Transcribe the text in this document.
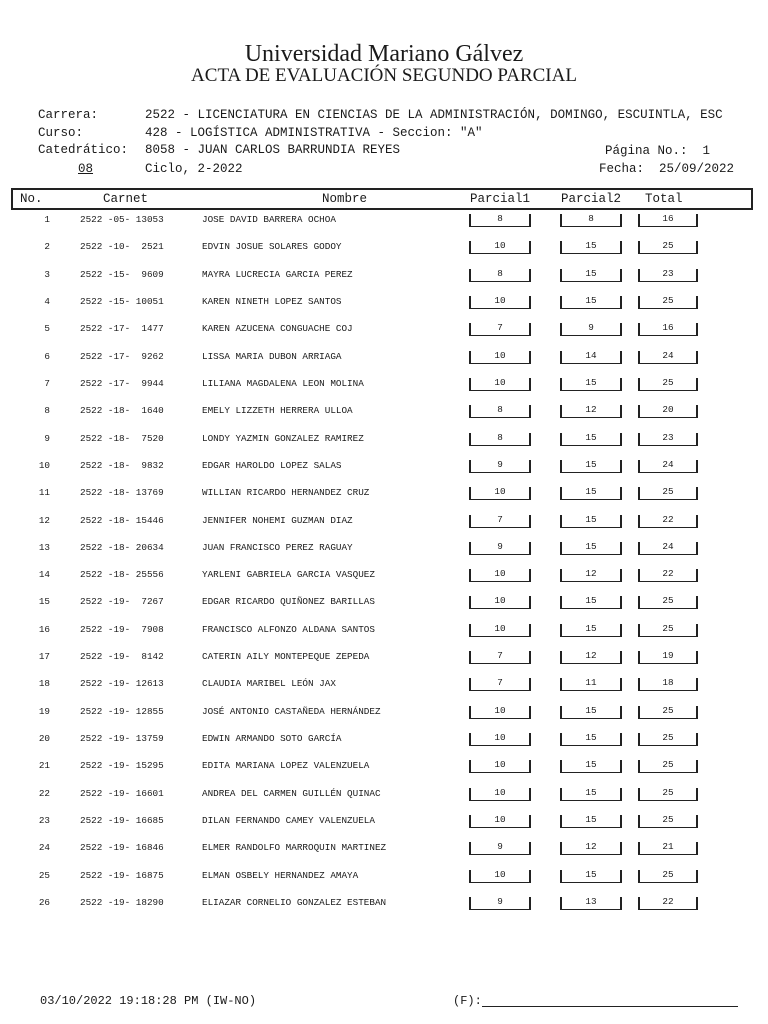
Universidad Mariano Gálvez
ACTA DE EVALUACIÓN SEGUNDO PARCIAL
Carrera:	2522 - LICENCIATURA EN CIENCIAS DE LA ADMINISTRACIÓN, DOMINGO, ESCUINTLA, ESC
Curso:	428 - LOGÍSTICA ADMINISTRATIVA - Seccion: "A"
Catedrático: 8058 - JUAN CARLOS BARRUNDIA REYES	Página No.:  1
08	Ciclo, 2-2022	Fecha:  25/09/2022
No.	Carnet	Nombre	Parcial1 Parcial2 Total
1	2522 -05- 13053	JOSE DAVID BARRERA OCHOA	8	8	16
2	2522 -10-  2521	EDVIN JOSUE SOLARES GODOY	10	15	25
3	2522 -15-  9609	MAYRA LUCRECIA GARCIA PEREZ	8	15	23
4	2522 -15- 10051	KAREN NINETH LOPEZ SANTOS	10	15	25
5	2522 -17-  1477	KAREN AZUCENA CONGUACHE COJ	7	9	16
6	2522 -17-  9262	LISSA MARIA DUBON ARRIAGA	10	14	24
7	2522 -17-  9944	LILIANA MAGDALENA LEON MOLINA	10	15	25
8	2522 -18-  1640	EMELY LIZZETH HERRERA ULLOA	8	12	20
9	2522 -18-  7520	LONDY YAZMIN GONZALEZ RAMIREZ	8	15	23
10	2522 -18-  9832	EDGAR HAROLDO LOPEZ SALAS	9	15	24
11	2522 -18- 13769	WILLIAN RICARDO HERNANDEZ CRUZ	10	15	25
12	2522 -18- 15446	JENNIFER NOHEMI GUZMAN DIAZ	7	15	22
13	2522 -18- 20634	JUAN FRANCISCO PEREZ RAGUAY	9	15	24
14	2522 -18- 25556	YARLENI GABRIELA GARCIA VASQUEZ	10	12	22
15	2522 -19-  7267	EDGAR RICARDO QUIÑONEZ BARILLAS	10	15	25
16	2522 -19-  7908	FRANCISCO ALFONZO ALDANA SANTOS	10	15	25
17	2522 -19-  8142	CATERIN AILY MONTEPEQUE ZEPEDA	7	12	19
18	2522 -19- 12613	CLAUDIA MARIBEL LEÓN JAX	7	11	18
19	2522 -19- 12855	JOSÉ ANTONIO CASTAÑEDA HERNÁNDEZ	10	15	25
20	2522 -19- 13759	EDWIN ARMANDO SOTO GARCÍA	10	15	25
21	2522 -19- 15295	EDITA MARIANA LOPEZ VALENZUELA	10	15	25
22	2522 -19- 16601	ANDREA DEL CARMEN GUILLÉN QUINAC	10	15	25
23	2522 -19- 16685	DILAN FERNANDO CAMEY VALENZUELA	10	15	25
24	2522 -19- 16846	ELMER RANDOLFO MARROQUIN MARTINEZ	9	12	21
25	2522 -19- 16875	ELMAN OSBELY HERNANDEZ AMAYA	10	15	25
26	2522 -19- 18290	ELIAZAR CORNELIO GONZALEZ ESTEBAN	9	13	22
03/10/2022 19:18:28 PM (IW-NO)	(F):
